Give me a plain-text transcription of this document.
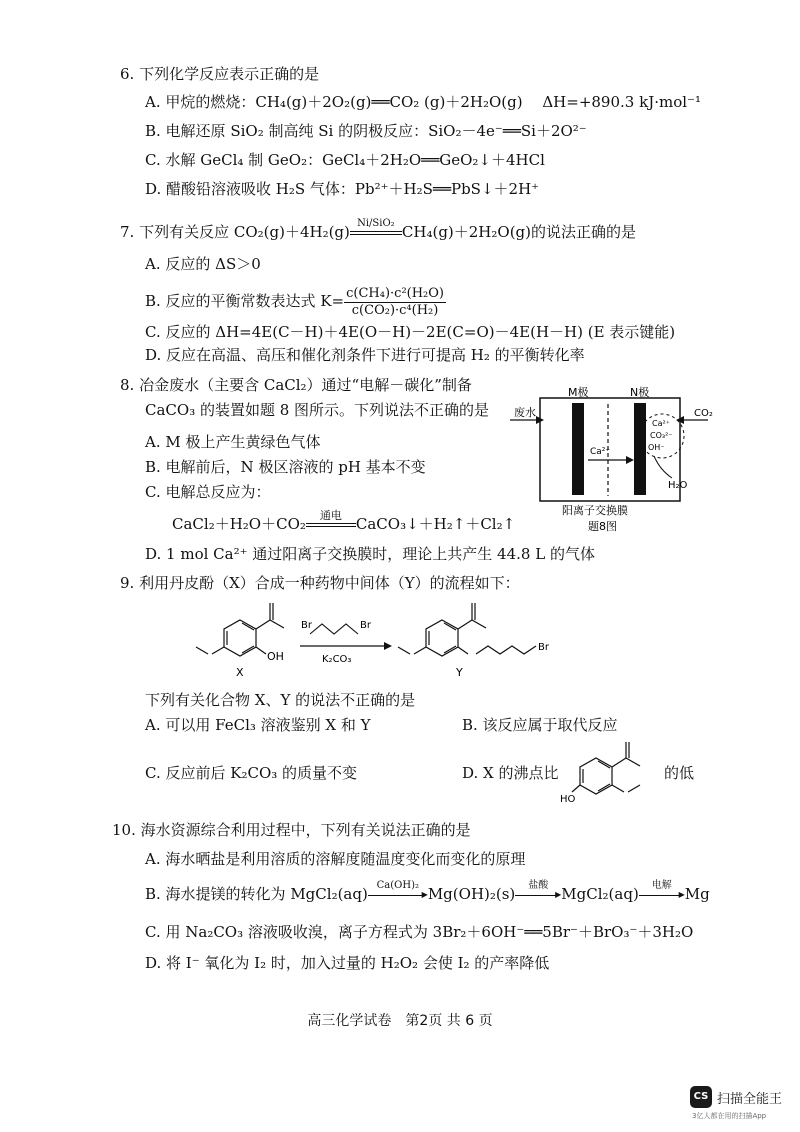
6. 下列化学反应表示正确的是
A. 甲烷的燃烧：CH₄(g)＋2O₂(g)══CO₂ (g)＋2H₂O(g)　 ΔH=+890.3 kJ·mol⁻¹
B. 电解还原 SiO₂ 制高纯 Si 的阴极反应：SiO₂－4e⁻══Si＋2O²⁻
C. 水解 GeCl₄ 制 GeO₂：GeCl₄＋2H₂O══GeO₂↓＋4HCl
D. 醋酸铅溶液吸收 H₂S 气体：Pb²⁺＋H₂S══PbS↓＋2H⁺
7. 下列有关反应 CO₂(g)＋4H₂(g) Ni/SiO₂ CH₄(g)＋2H₂O(g)的说法正确的是
A. 反应的 ΔS＞0
B. 反应的平衡常数表达式 $K= \frac{\text{c(CH₄)·c²(H₂O)}}{\text{c(CO₂)·c⁴(H₂)}}$
C. 反应的 ΔH=4E(C－H)＋4E(O－H)－2E(C=O)－4E(H－H) (E 表示键能)
D. 反应在高温、高压和催化剂条件下进行可提高 H₂ 的平衡转化率
8. 冶金废水（主要含 CaCl₂）通过“电解－碳化”制备
CaCO₃ 的装置如题 8 图所示。下列说法不正确的是
A. M 极上产生黄绿色气体
B. 电解前后，N 极区溶液的 pH 基本不变
C. 电解总反应为：
CaCl₂＋H₂O＋CO₂	通电 CaCO₃↓＋H₂↑＋Cl₂↑
D. 1 mol Ca²⁺ 通过阳离子交换膜时，理论上共产生 44.8 L 的气体
废水
M极	N极
CO₂
Ca²⁺
Ca²⁺
CO₃²⁻
OH⁻
H₂O
阳离子交换膜
题8图
9. 利用丹皮酚（X）合成一种药物中间体（Y）的流程如下：
OH
X
Br	Br
K₂CO₃
Br
Y
下列有关化合物 X、Y 的说法不正确的是
A. 可以用 FeCl₃ 溶液鉴别 X 和 Y	B. 该反应属于取代反应
C. 反应前后 K₂CO₃ 的质量不变	D. X 的沸点比
HO
的低
10. 海水资源综合利用过程中，下列有关说法正确的是
A. 海水晒盐是利用溶质的溶解度随温度变化而变化的原理
B. 海水提镁的转化为 MgCl₂(aq) Ca(OH)₂
▶ Mg(OH)₂(s)	盐酸
▶ MgCl₂(aq)	电解
▶ Mg
C. 用 Na₂CO₃ 溶液吸收溴，离子方程式为 3Br₂＋6OH⁻══5Br⁻＋BrO₃⁻＋3H₂O
D. 将 I⁻ 氧化为 I₂ 时，加入过量的 H₂O₂ 会使 I₂ 的产率降低
高三化学试卷　第2页 共 6 页
CS 扫描全能王
3亿人都在用的扫描App
